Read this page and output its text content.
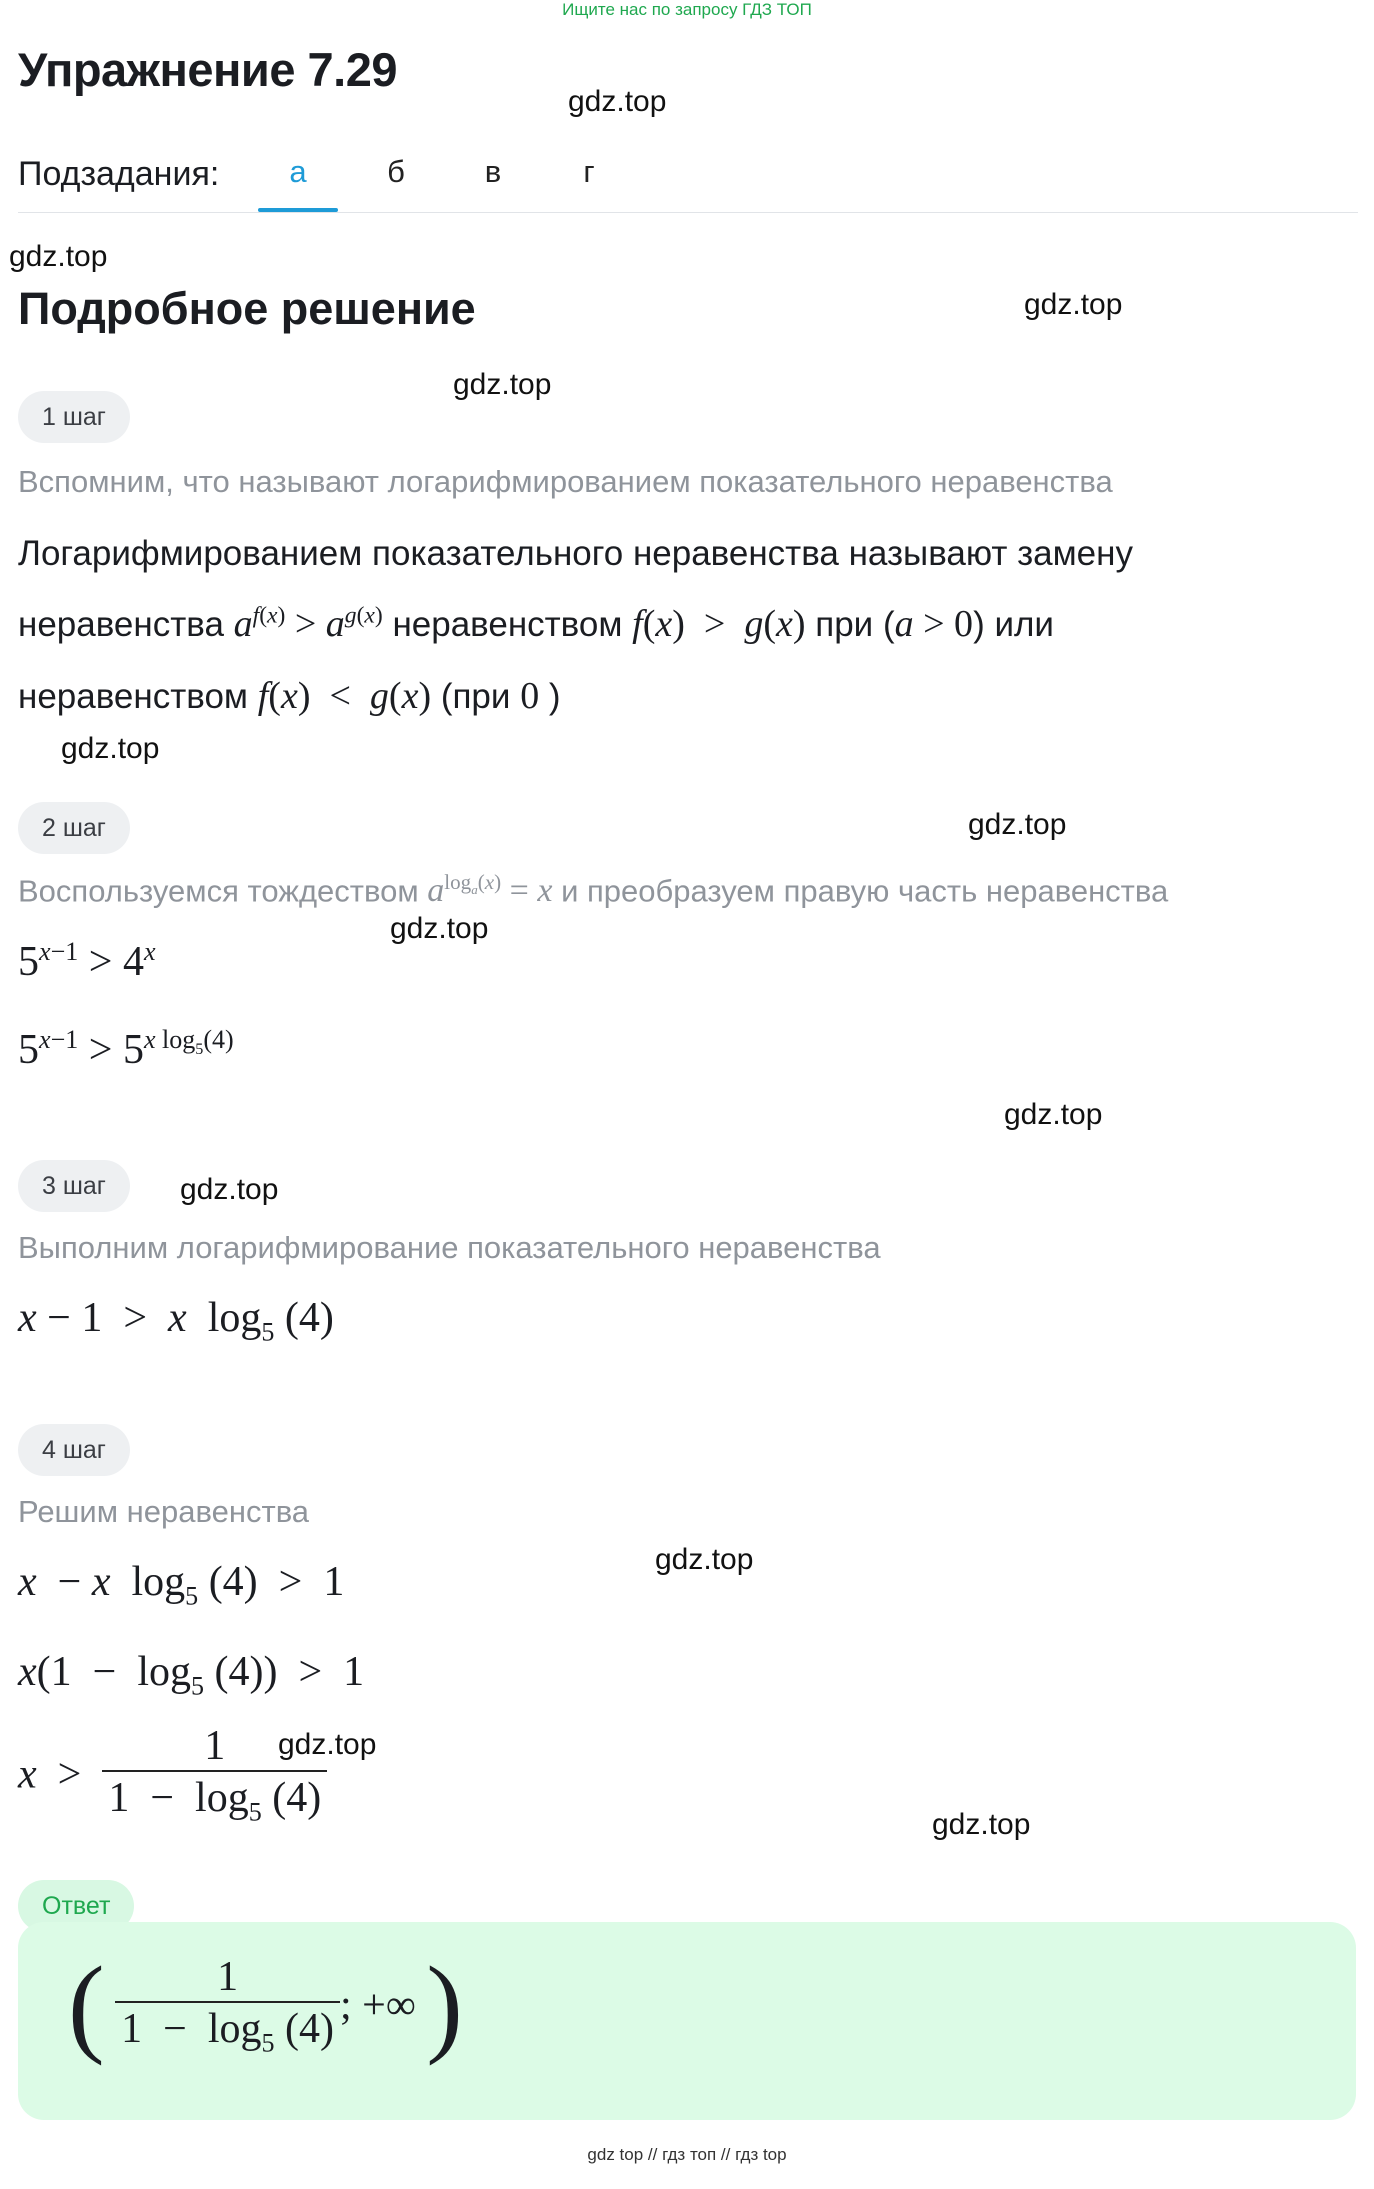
Ищите нас по запросу ГДЗ ТОП
Упражнение 7.29
gdz.top
gdz.top
gdz.top
gdz.top
gdz.top
gdz.top
gdz.top
gdz.top
gdz.top
gdz.top
gdz.top
gdz.top
Подзадания:	а	б	в	г
Подробное решение
1 шаг
Вспомним, что называют логарифмированием показательного неравенства
Логарифмированием показательного неравенства называют замену
неравенства $a^{f(x)} > a^{g(x)}$ неравенством f(x)  >  g(x) при (a > 0) или
неравенством f(x)  <  g(x) (при 0 )
2 шаг
Воспользуемся тождеством $a^{log_a(x)} = x$ и преобразуем правую часть неравенства
$5^{x-1} > 4^x$
$5^{x-1} > 5^{x log_5(4)}$
3 шаг
Выполним логарифмирование показательного неравенства
x − 1  >  x  $\log_5 (4)$
4 шаг
Решим неравенства
x  − x  $\log_5 (4) > 1$
$x(1 - \log_5 (4)) > 1$
$x > \frac{1}{1 - \log_5 (4)}$
Ответ
( $\frac{1}{1 - \log_5 (4)}$ ; +∞ )
gdz top // гдз топ // гдз top
